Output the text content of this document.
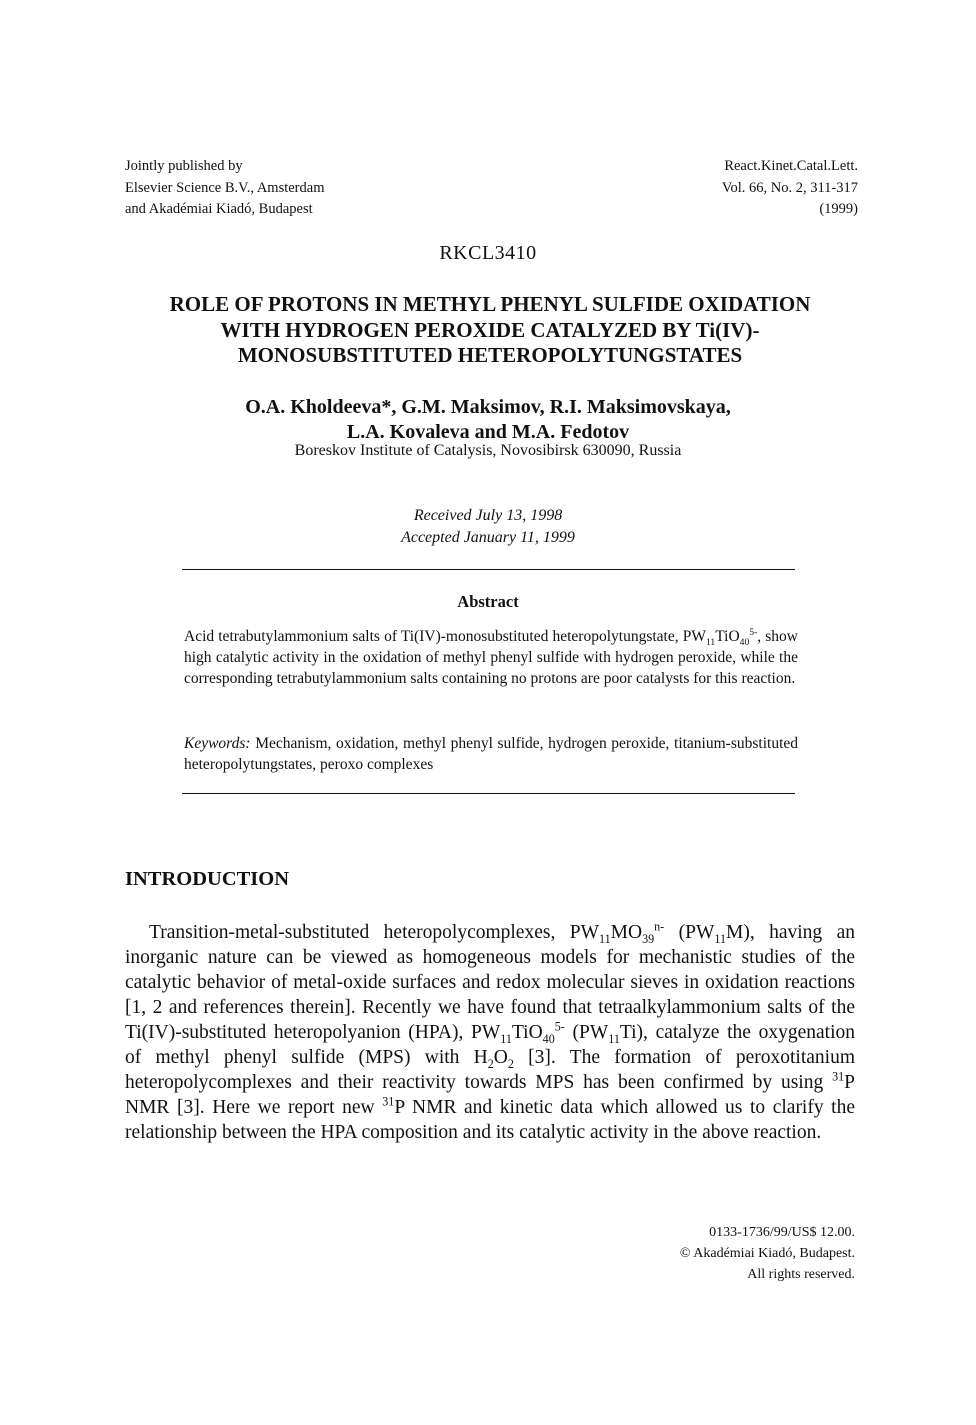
Jointly published by
Elsevier Science B.V., Amsterdam
and Akadémiai Kiadó, Budapest
React.Kinet.Catal.Lett.
Vol. 66, No. 2, 311-317
(1999)
RKCL3410
ROLE OF PROTONS IN METHYL PHENYL SULFIDE OXIDATION
WITH HYDROGEN PEROXIDE CATALYZED BY Ti(IV)-
MONOSUBSTITUTED HETEROPOLYTUNGSTATES
O.A. Kholdeeva*, G.M. Maksimov, R.I. Maksimovskaya,
L.A. Kovaleva and M.A. Fedotov
Boreskov Institute of Catalysis, Novosibirsk 630090, Russia
Received July 13, 1998
Accepted January 11, 1999
Abstract

Acid tetrabutylammonium salts of Ti(IV)-monosubstituted heteropolytungstate, $PW_{11}TiO_{40}^{5-}$, show high catalytic activity in the oxidation of methyl phenyl sulfide with hydrogen peroxide, while the corresponding tetrabutylammonium salts containing no protons are poor catalysts for this reaction.

Keywords: Mechanism, oxidation, methyl phenyl sulfide, hydrogen peroxide, titanium-substituted heteropolytungstates, peroxo complexes
INTRODUCTION

Transition-metal-substituted heteropolycomplexes, $PW_{11}MO_{39}^{n-}$ $(PW_{11}M)$, having an inorganic nature can be viewed as homogeneous models for mechanistic studies of the catalytic behavior of metal-oxide surfaces and redox molecular sieves in oxidation reactions [1, 2 and references therein]. Recently we have found that tetraalkylammonium salts of the Ti(IV)-substituted heteropolyanion (HPA), $PW_{11}TiO_{40}^{5-}$ $(PW_{11}Ti)$, catalyze the oxygenation of methyl phenyl sulfide (MPS) with $H_2O_2$ [3]. The formation of peroxotitanium heteropolycomplexes and their reactivity towards MPS has been confirmed by using $^{31}$P NMR [3]. Here we report new $^{31}$P NMR and kinetic data which allowed us to clarify the relationship between the HPA composition and its catalytic activity in the above reaction.

0133-1736/99/US$ 12.00.
© Akadémiai Kiadó, Budapest.
All rights reserved.
